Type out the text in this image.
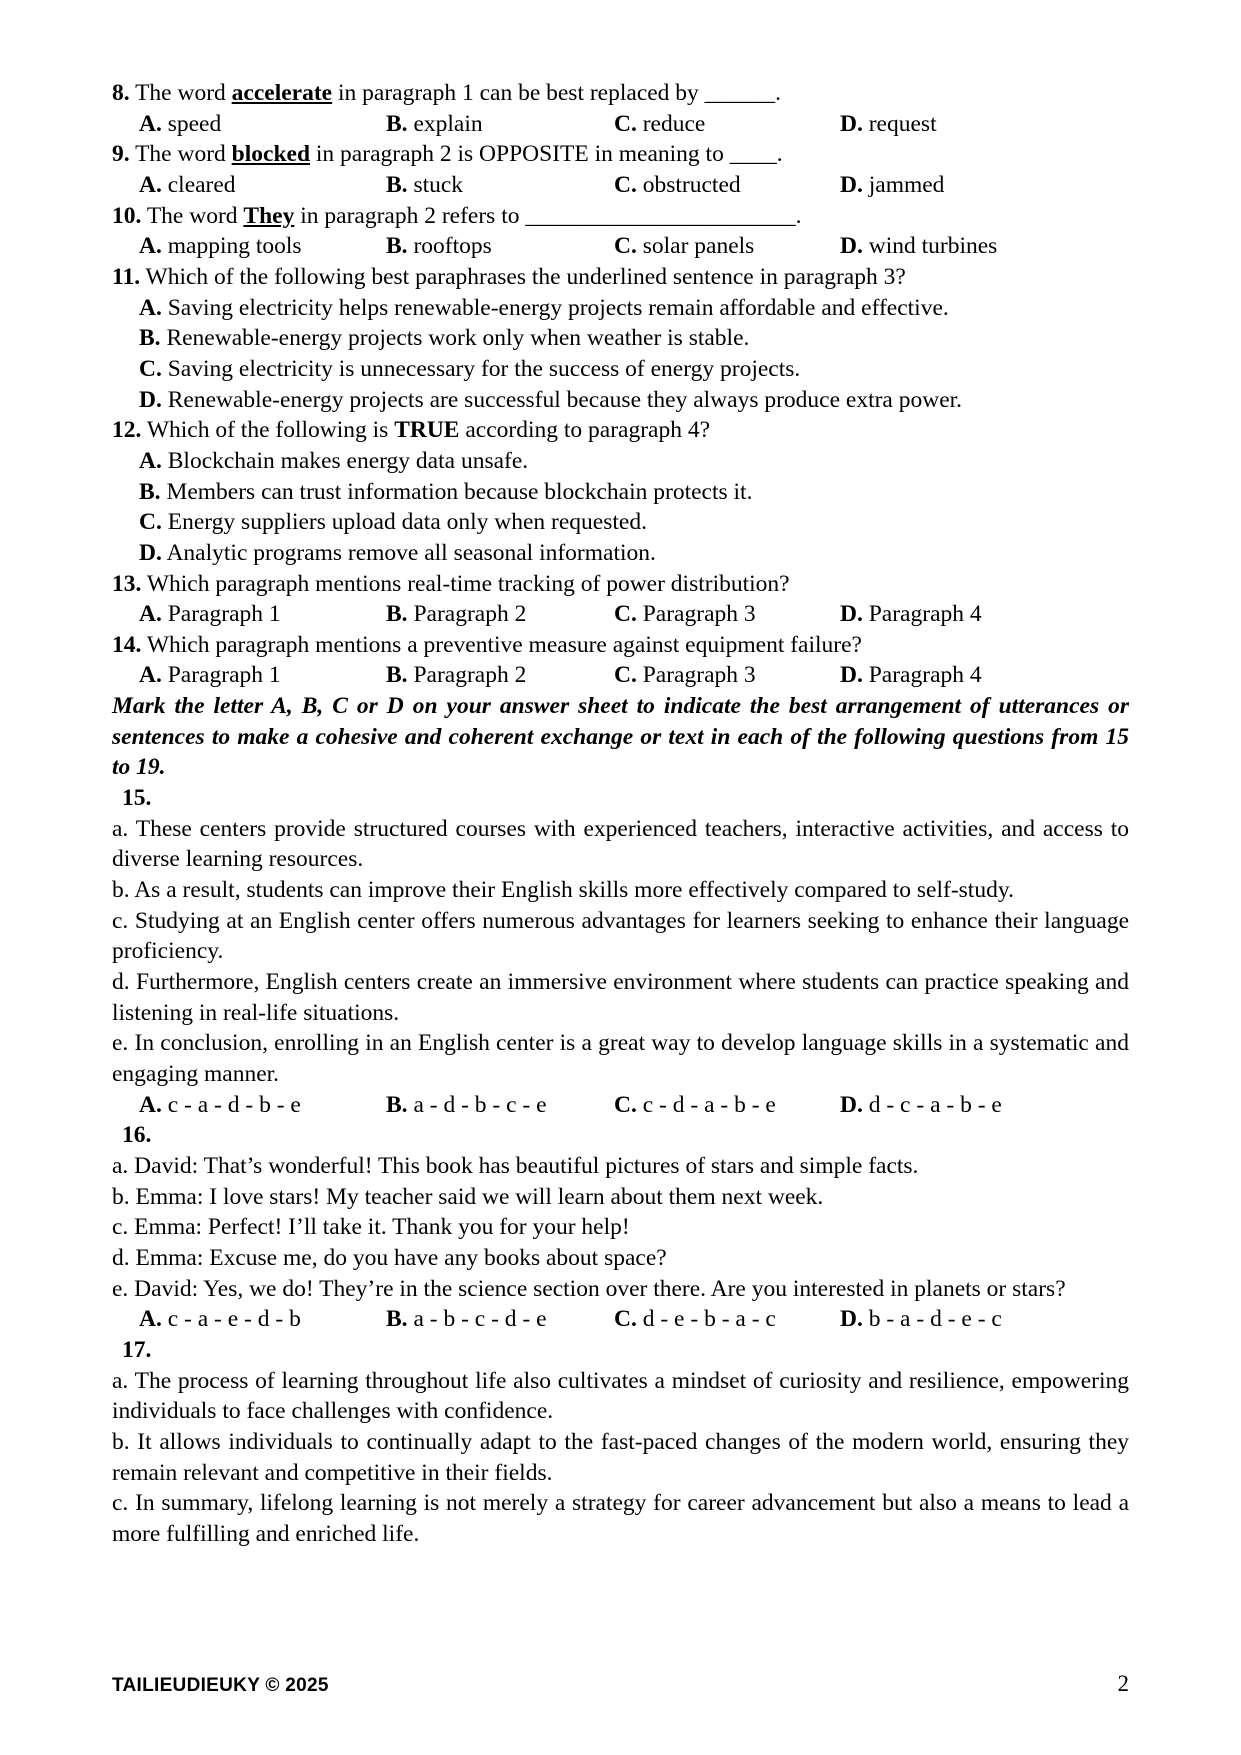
8. The word accelerate in paragraph 1 can be best replaced by ______.

A. speed	B. explain	C. reduce	D. request

9. The word blocked in paragraph 2 is OPPOSITE in meaning to ____.

A. cleared	B. stuck	C. obstructed	D. jammed

10. The word They in paragraph 2 refers to _______________________.

A. mapping tools	B. rooftops	C. solar panels	D. wind turbines

11. Which of the following best paraphrases the underlined sentence in paragraph 3?

A. Saving electricity helps renewable-energy projects remain affordable and effective.

B. Renewable-energy projects work only when weather is stable.

C. Saving electricity is unnecessary for the success of energy projects.

D. Renewable-energy projects are successful because they always produce extra power.

12. Which of the following is TRUE according to paragraph 4?

A. Blockchain makes energy data unsafe.

B. Members can trust information because blockchain protects it.

C. Energy suppliers upload data only when requested.

D. Analytic programs remove all seasonal information.

13. Which paragraph mentions real-time tracking of power distribution?

A. Paragraph 1	B. Paragraph 2	C. Paragraph 3	D. Paragraph 4

14. Which paragraph mentions a preventive measure against equipment failure?

A. Paragraph 1	B. Paragraph 2	C. Paragraph 3	D. Paragraph 4

Mark the letter A, B, C or D on your answer sheet to indicate the best arrangement of utterances or sentences to make a cohesive and coherent exchange or text in each of the following questions from 15 to 19.

15.

a. These centers provide structured courses with experienced teachers, interactive activities, and access to diverse learning resources.

b. As a result, students can improve their English skills more effectively compared to self-study.

c. Studying at an English center offers numerous advantages for learners seeking to enhance their language proficiency.

d. Furthermore, English centers create an immersive environment where students can practice speaking and listening in real-life situations.

e. In conclusion, enrolling in an English center is a great way to develop language skills in a systematic and engaging manner.

A. c - a - d - b - e	B. a - d - b - c - e	C. c - d - a - b - e	D. d - c - a - b - e

16.

a. David: That’s wonderful! This book has beautiful pictures of stars and simple facts.

b. Emma: I love stars! My teacher said we will learn about them next week.

c. Emma: Perfect! I’ll take it. Thank you for your help!

d. Emma: Excuse me, do you have any books about space?

e. David: Yes, we do! They’re in the science section over there. Are you interested in planets or stars?

A. c - a - e - d - b	B. a - b - c - d - e	C. d - e - b - a - c	D. b - a - d - e - c

17.

a. The process of learning throughout life also cultivates a mindset of curiosity and resilience, empowering individuals to face challenges with confidence.

b. It allows individuals to continually adapt to the fast-paced changes of the modern world, ensuring they remain relevant and competitive in their fields.

c. In summary, lifelong learning is not merely a strategy for career advancement but also a means to lead a more fulfilling and enriched life.

TAILIEUDIEUKY © 2025	2
